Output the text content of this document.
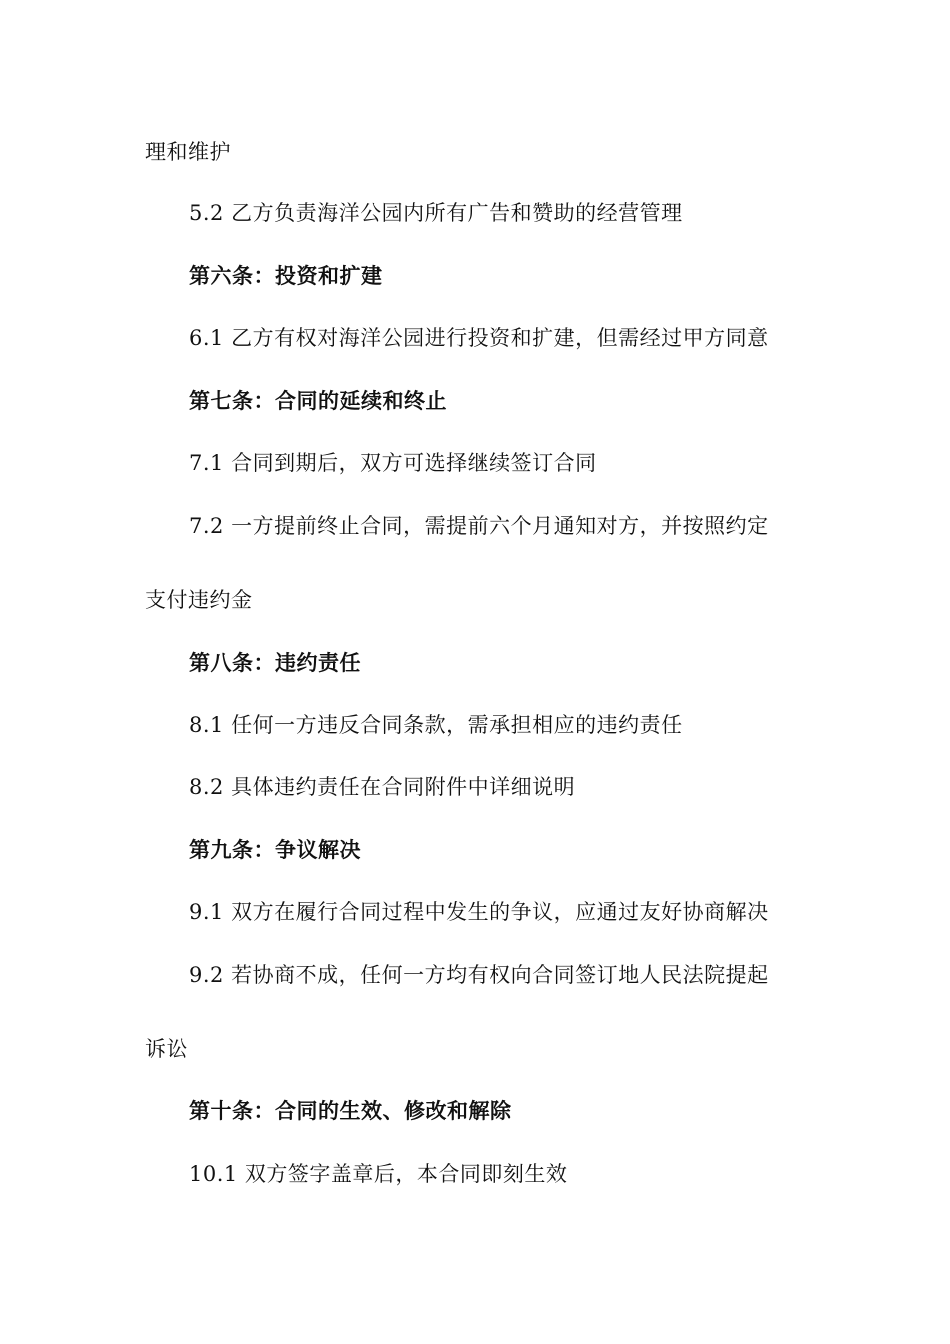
理和维护
5.2 乙方负责海洋公园内所有广告和赞助的经营管理
第六条：投资和扩建
6.1 乙方有权对海洋公园进行投资和扩建，但需经过甲方同意
第七条：合同的延续和终止
7.1 合同到期后，双方可选择继续签订合同
7.2 一方提前终止合同，需提前六个月通知对方，并按照约定
支付违约金
第八条：违约责任
8.1 任何一方违反合同条款，需承担相应的违约责任
8.2 具体违约责任在合同附件中详细说明
第九条：争议解决
9.1 双方在履行合同过程中发生的争议，应通过友好协商解决
9.2 若协商不成，任何一方均有权向合同签订地人民法院提起
诉讼
第十条：合同的生效、修改和解除
10.1 双方签字盖章后，本合同即刻生效
